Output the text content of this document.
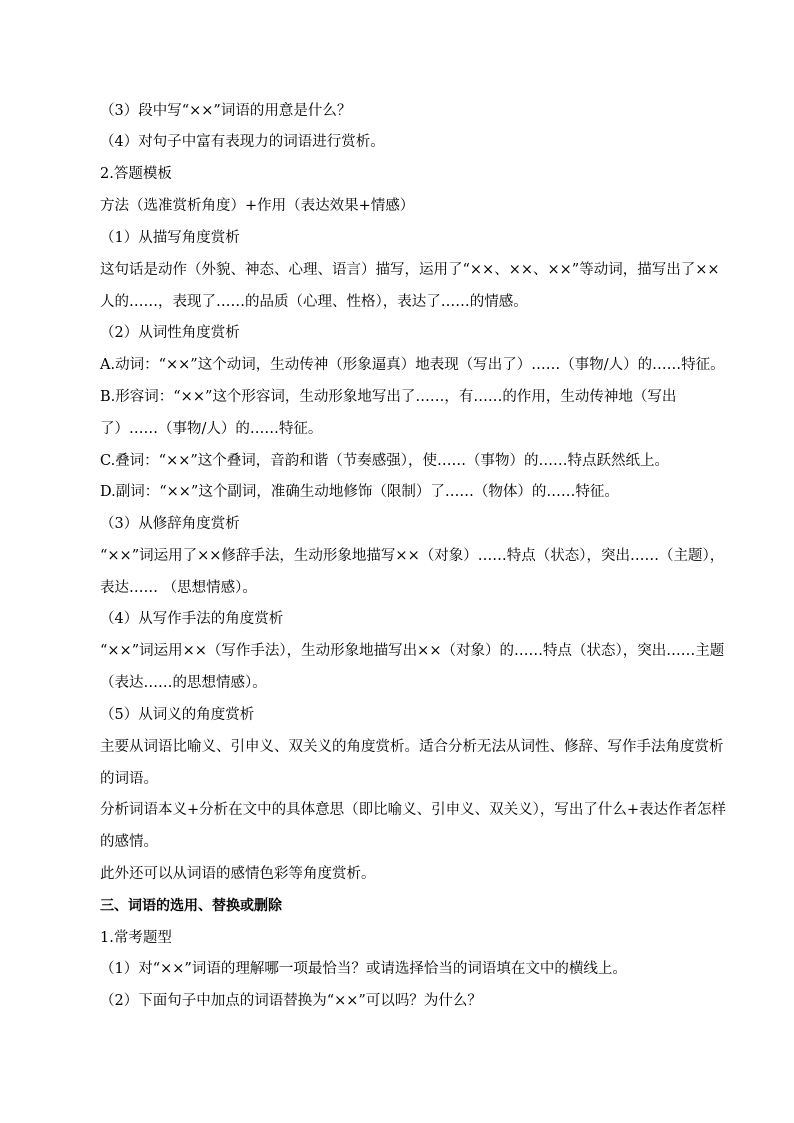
（3）段中写“××”词语的用意是什么？
（4）对句子中富有表现力的词语进行赏析。
2.答题模板
方法（选准赏析角度）+作用（表达效果+情感）
（1）从描写角度赏析
这句话是动作（外貌、神态、心理、语言）描写，运用了“××、××、××”等动词，描写出了××人的……，表现了……的品质（心理、性格），表达了……的情感。
（2）从词性角度赏析
A.动词：“××”这个动词，生动传神（形象逼真）地表现（写出了）……（事物/人）的……特征。
B.形容词：“××”这个形容词，生动形象地写出了……，有……的作用，生动传神地（写出了）……（事物/人）的……特征。
C.叠词：“××”这个叠词，音韵和谐（节奏感强），使……（事物）的……特点跃然纸上。
D.副词：“××”这个副词，准确生动地修饰（限制）了……（物体）的……特征。
（3）从修辞角度赏析
“××”词运用了××修辞手法，生动形象地描写××（对象）……特点（状态），突出……（主题），表达…… （思想情感）。
（4）从写作手法的角度赏析
“××”词运用××（写作手法），生动形象地描写出××（对象）的……特点（状态），突出……主题（表达……的思想情感）。
（5）从词义的角度赏析
主要从词语比喻义、引申义、双关义的角度赏析。适合分析无法从词性、修辞、写作手法角度赏析的词语。
分析词语本义+分析在文中的具体意思（即比喻义、引申义、双关义），写出了什么+表达作者怎样的感情。
此外还可以从词语的感情色彩等角度赏析。
三、词语的选用、替换或删除
1.常考题型
（1）对“××”词语的理解哪一项最恰当？或请选择恰当的词语填在文中的横线上。
（2）下面句子中加点的词语替换为“××”可以吗？为什么？
